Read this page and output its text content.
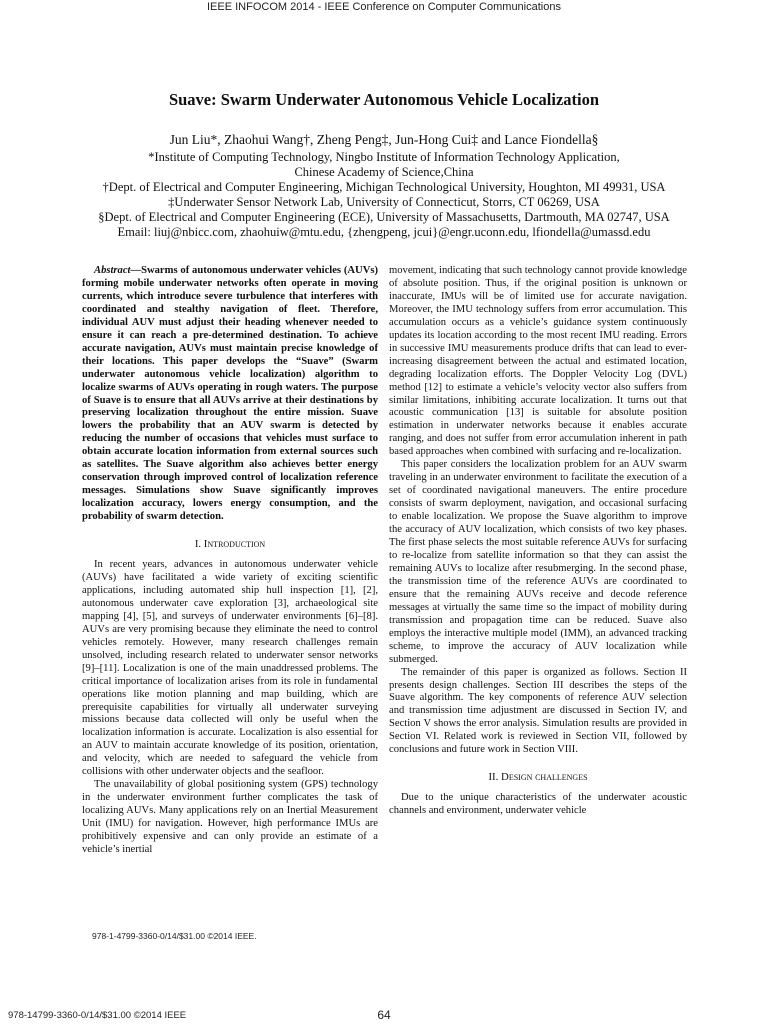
IEEE INFOCOM 2014 - IEEE Conference on Computer Communications
Suave: Swarm Underwater Autonomous Vehicle Localization
Jun Liu*, Zhaohui Wang†, Zheng Peng‡, Jun-Hong Cui‡ and Lance Fiondella§
*Institute of Computing Technology, Ningbo Institute of Information Technology Application,
Chinese Academy of Science,China
†Dept. of Electrical and Computer Engineering, Michigan Technological University, Houghton, MI 49931, USA
‡Underwater Sensor Network Lab, University of Connecticut, Storrs, CT 06269, USA
§Dept. of Electrical and Computer Engineering (ECE), University of Massachusetts, Dartmouth, MA 02747, USA
Email: liuj@nbicc.com, zhaohuiw@mtu.edu, {zhengpeng, jcui}@engr.uconn.edu, lfiondella@umassd.edu

Abstract—Swarms of autonomous underwater vehicles (AUVs) forming mobile underwater networks often operate in moving currents, which introduce severe turbulence that interferes with coordinated and stealthy navigation of fleet. Therefore, individual AUV must adjust their heading whenever needed to ensure it can reach a pre-determined destination. To achieve accurate navigation, AUVs must maintain precise knowledge of their locations. This paper develops the “Suave” (Swarm underwater autonomous vehicle localization) algorithm to localize swarms of AUVs operating in rough waters. The purpose of Suave is to ensure that all AUVs arrive at their destinations by preserving localization throughout the entire mission. Suave lowers the probability that an AUV swarm is detected by reducing the number of occasions that vehicles must surface to obtain accurate location information from external sources such as satellites. The Suave algorithm also achieves better energy conservation through improved control of localization reference messages. Simulations show Suave significantly improves localization accuracy, lowers energy consumption, and the probability of swarm detection.

I. Introduction

In recent years, advances in autonomous underwater vehicle (AUVs) have facilitated a wide variety of exciting scientific applications, including automated ship hull inspection [1], [2], autonomous underwater cave exploration [3], archaeological site mapping [4], [5], and surveys of underwater environments [6]–[8]. AUVs are very promising because they eliminate the need to control vehicles remotely. However, many research challenges remain unsolved, including research related to underwater sensor networks [9]–[11]. Localization is one of the main unaddressed problems. The critical importance of localization arises from its role in fundamental operations like motion planning and map building, which are prerequisite capabilities for virtually all underwater surveying missions because data collected will only be useful when the localization information is accurate. Localization is also essential for an AUV to maintain accurate knowledge of its position, orientation, and velocity, which are needed to safeguard the vehicle from collisions with other underwater objects and the seafloor.

The unavailability of global positioning system (GPS) technology in the underwater environment further complicates the task of localizing AUVs. Many applications rely on an Inertial Measurement Unit (IMU) for navigation. However, high performance IMUs are prohibitively expensive and can only provide an estimate of a vehicle’s inertial

movement, indicating that such technology cannot provide knowledge of absolute position. Thus, if the original position is unknown or inaccurate, IMUs will be of limited use for accurate navigation. Moreover, the IMU technology suffers from error accumulation. This accumulation occurs as a vehicle’s guidance system continuously updates its location according to the most recent IMU reading. Errors in successive IMU measurements produce drifts that can lead to ever-increasing disagreement between the actual and estimated location, degrading localization efforts. The Doppler Velocity Log (DVL) method [12] to estimate a vehicle’s velocity vector also suffers from similar limitations, inhibiting accurate localization. It turns out that acoustic communication [13] is suitable for absolute position estimation in underwater networks because it enables accurate ranging, and does not suffer from error accumulation inherent in path based approaches when combined with surfacing and re-localization.

This paper considers the localization problem for an AUV swarm traveling in an underwater environment to facilitate the execution of a set of coordinated navigational maneuvers. The entire procedure consists of swarm deployment, navigation, and occasional surfacing to enable localization. We propose the Suave algorithm to improve the accuracy of AUV localization, which consists of two key phases. The first phase selects the most suitable reference AUVs for surfacing to re-localize from satellite information so that they can assist the remaining AUVs to localize after resubmerging. In the second phase, the transmission time of the reference AUVs are coordinated to ensure that the remaining AUVs receive and decode reference messages at virtually the same time so the impact of mobility during transmission and propagation time can be reduced. Suave also employs the interactive multiple model (IMM), an advanced tracking scheme, to improve the accuracy of AUV localization while submerged.

The remainder of this paper is organized as follows. Section II presents design challenges. Section III describes the steps of the Suave algorithm. The key components of reference AUV selection and transmission time adjustment are discussed in Section IV, and Section V shows the error analysis. Simulation results are provided in Section VI. Related work is reviewed in Section VII, followed by conclusions and future work in Section VIII.

II. Design challenges

Due to the unique characteristics of the underwater acoustic channels and environment, underwater vehicle

978-1-4799-3360-0/14/$31.00 ©2014 IEEE.
978-14799-3360-0/14/$31.00 ©2014 IEEE	64
